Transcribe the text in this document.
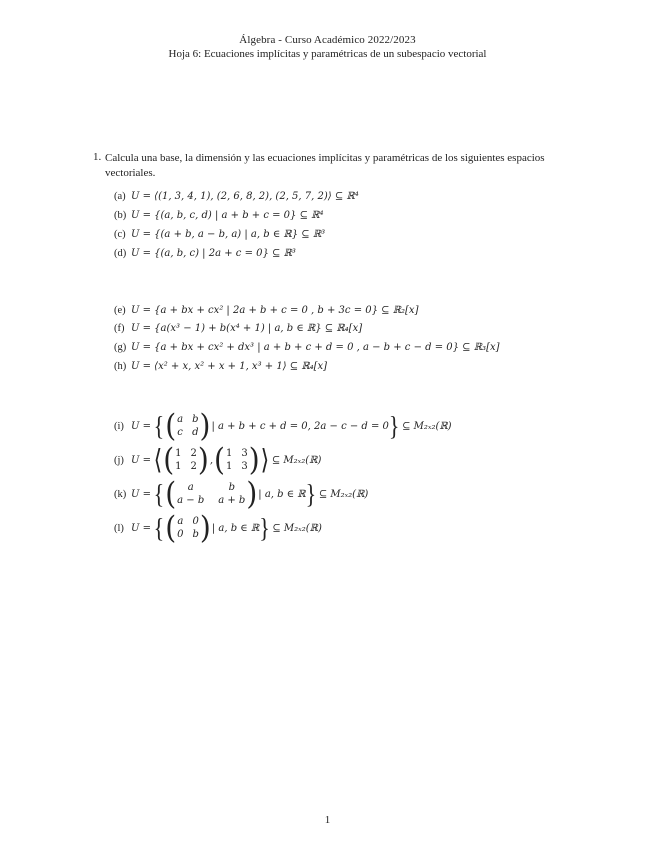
Álgebra - Curso Académico 2022/2023
Hoja 6: Ecuaciones implícitas y paramétricas de un subespacio vectorial
1. Calcula una base, la dimensión y las ecuaciones implícitas y paramétricas de los siguientes espacios vectoriales.
(a) U = ⟨(1, 3, 4, 1), (2, 6, 8, 2), (2, 5, 7, 2)⟩ ⊆ ℝ⁴
(b) U = {(a, b, c, d) | a + b + c = 0} ⊆ ℝ⁴
(c) U = {(a + b, a − b, a) | a, b ∈ ℝ} ⊆ ℝ³
(d) U = {(a, b, c) | 2a + c = 0} ⊆ ℝ³
(e) U = {a + bx + cx² | 2a + b + c = 0 , b + 3c = 0} ⊆ ℝ₂[x]
(f) U = {a(x³ − 1) + b(x⁴ + 1) | a, b ∈ ℝ} ⊆ ℝ₄[x]
(g) U = {a + bx + cx² + dx³ | a + b + c + d = 0 , a − b + c − d = 0} ⊆ ℝ₃[x]
(h) U = ⟨x² + x, x² + x + 1, x³ + 1⟩ ⊆ ℝ₄[x]
(i) U =
{ ( a b
c d ) | a + b + c + d = 0, 2a − c − d = 0 }
⊆ M₂ₓ₂(ℝ)
(j) U =
⟨ ( 1 2
1 2 ) , ( 1 3
1 3 ) ⟩
⊆ M₂ₓ₂(ℝ)
(k) U =
{ (	a	b
a − b a + b ) | a, b ∈ ℝ }
⊆ M₂ₓ₂(ℝ)
(l) U =
{ ( a 0
0 b ) | a, b ∈ ℝ }
⊆ M₂ₓ₂(ℝ)
1
